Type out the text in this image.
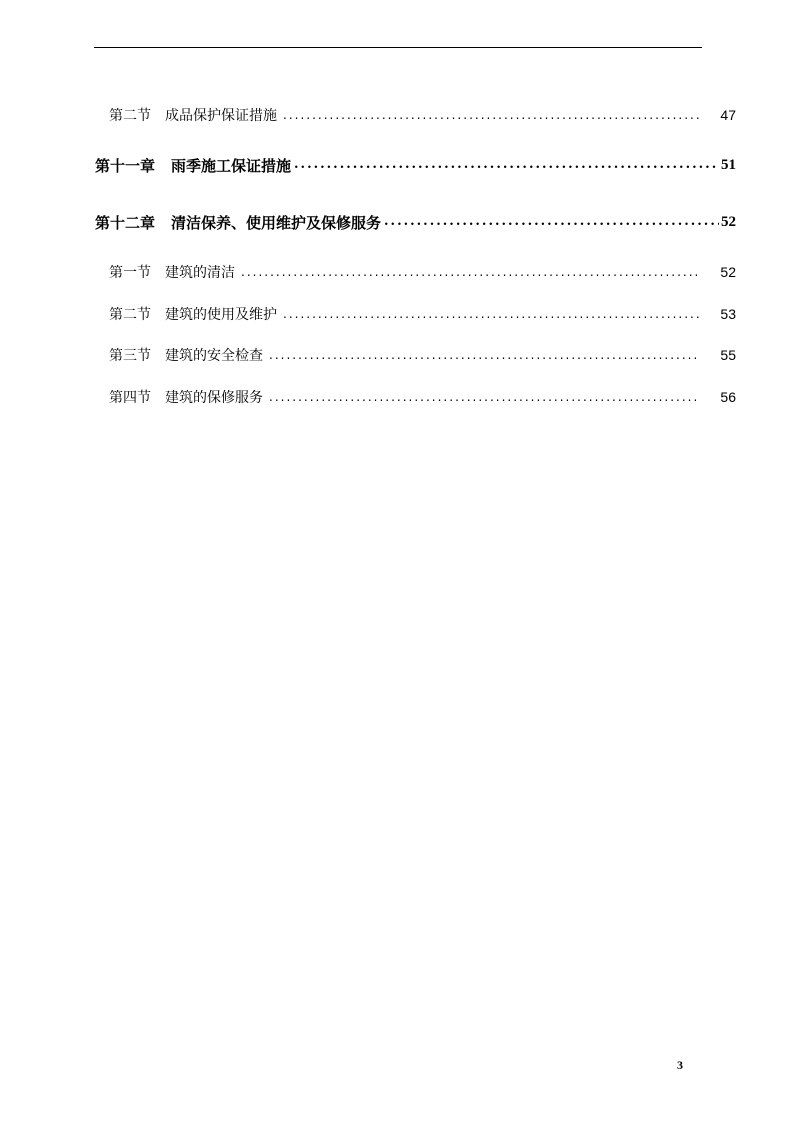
第二节 成品保护保证措施 .....	47
第十一章 雨季施工保证措施 .....	51
第十二章 清洁保养、使用维护及保修服务 .....	52
第一节 建筑的清洁 .....	52
第二节 建筑的使用及维护 .....	53
第三节 建筑的安全检查 .....	55
第四节 建筑的保修服务 .....	56
3
